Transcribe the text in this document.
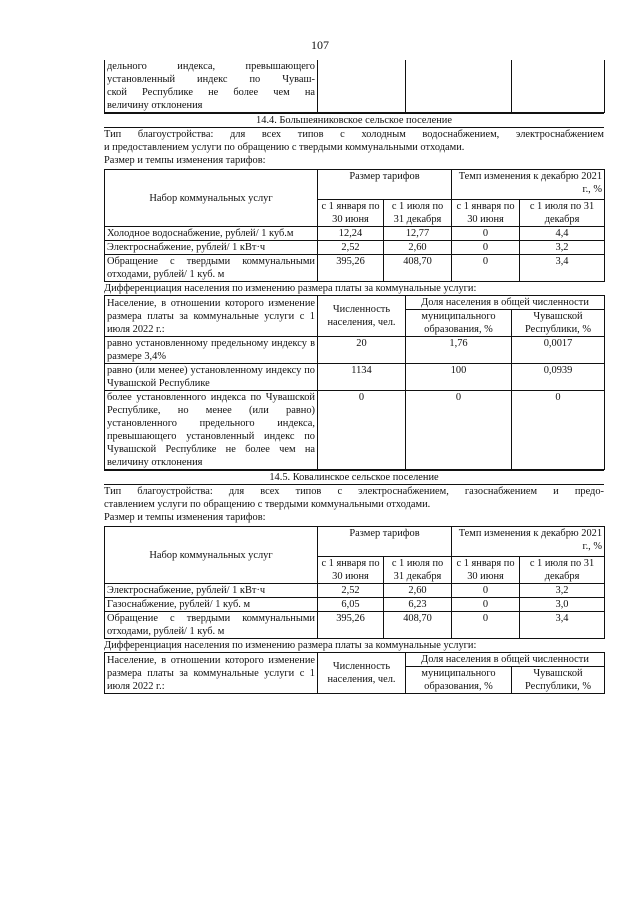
107
дельного индекса, превышающего
установленный индекс по Чуваш-
ской Республике не более чем на
величину отклонения

14.4. Большеяниковское сельское поселение
Тип благоустройства: для всех типов с холодным водоснабжением, электроснабжением
и предоставлением услуги по обращению с твердыми коммунальными отходами.
Размер и темпы изменения тарифов:
Набор коммунальных услуг	Размер тарифов		Темп изменения к декабрю 2021 г., %	
	с 1 января по 30 июня	с 1 июля по 31 декабря	с 1 января по 30 июня	с 1 июля по 31 декабря
Холодное водоснабжение, рублей/ 1 куб.м	12,24	12,77	0	4,4
Электроснабжение, рублей/ 1 кВт·ч	2,52	2,60	0	3,2
Обращение с твердыми коммунальными отходами, рублей/ 1 куб. м	395,26	408,70	0	3,4
Дифференциация населения по изменению размера платы за коммунальные услуги:
Население, в отношении которого изменение размера платы за коммунальные услуги с 1 июля 2022 г.:	Численность населения, чел.	Доля населения в общей численности	
		муниципального образования, %	Чувашской Республики, %
равно установленному предельному индексу в размере 3,4%	20	1,76	0,0017
равно (или менее) установленному индексу по Чувашской Республике	1134	100	0,0939
более установленного индекса по Чувашской Республике, но менее (или равно) установленного предельного индекса, превышающего установленный индекс по Чувашской Республике не более чем на величину отклонения	0	0	0
14.5. Ковалинское сельское поселение
Тип благоустройства: для всех типов с электроснабжением, газоснабжением и предо-
ставлением услуги по обращению с твердыми коммунальными отходами.
Размер и темпы изменения тарифов:
Набор коммунальных услуг	Размер тарифов		Темп изменения к декабрю 2021 г., %	
	с 1 января по 30 июня	с 1 июля по 31 декабря	с 1 января по 30 июня	с 1 июля по 31 декабря
Электроснабжение, рублей/ 1 кВт·ч	2,52	2,60	0	3,2
Газоснабжение, рублей/ 1 куб. м	6,05	6,23	0	3,0
Обращение с твердыми коммунальными отходами, рублей/ 1 куб. м	395,26	408,70	0	3,4
Дифференциация населения по изменению размера платы за коммунальные услуги:
Население, в отношении которого изменение размера платы за коммунальные услуги с 1 июля 2022 г.:	Численность населения, чел.	Доля населения в общей численности	
		муниципального образования, %	Чувашской Республики, %
